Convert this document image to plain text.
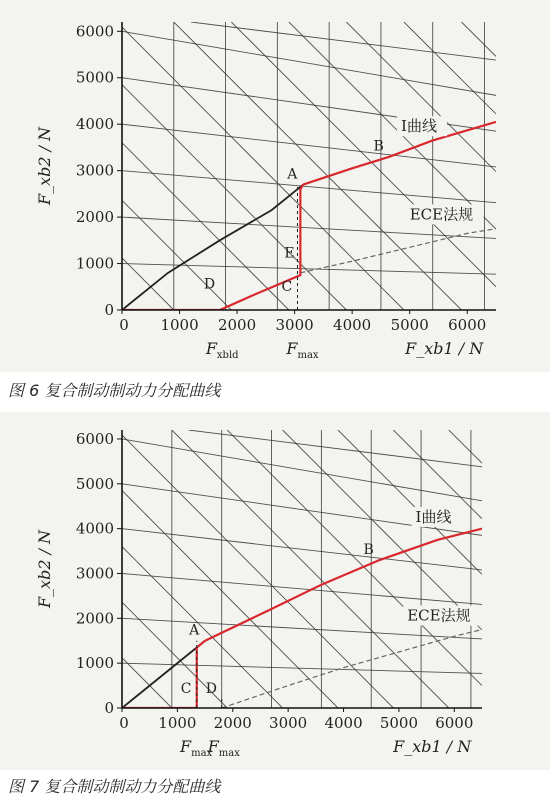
0
1000
2000
3000
4000
5000
6000
0 1000 2000 3000 4000 5000 6000
F_xb2 / N
F_xb1 / N
$F_{xbld}$	$F_{max}$
I曲线
ECE法规
A
B
E
D	C
图 6 复合制动制动力分配曲线
0
1000
2000
3000
4000
5000
6000
0 1000 2000 3000 4000 5000 6000
F_xb2 / N
F_xb1 / N
$F_{max}$
$F_{max}$
I曲线
ECE法规
A
B
C D
图 7 复合制动制动力分配曲线
